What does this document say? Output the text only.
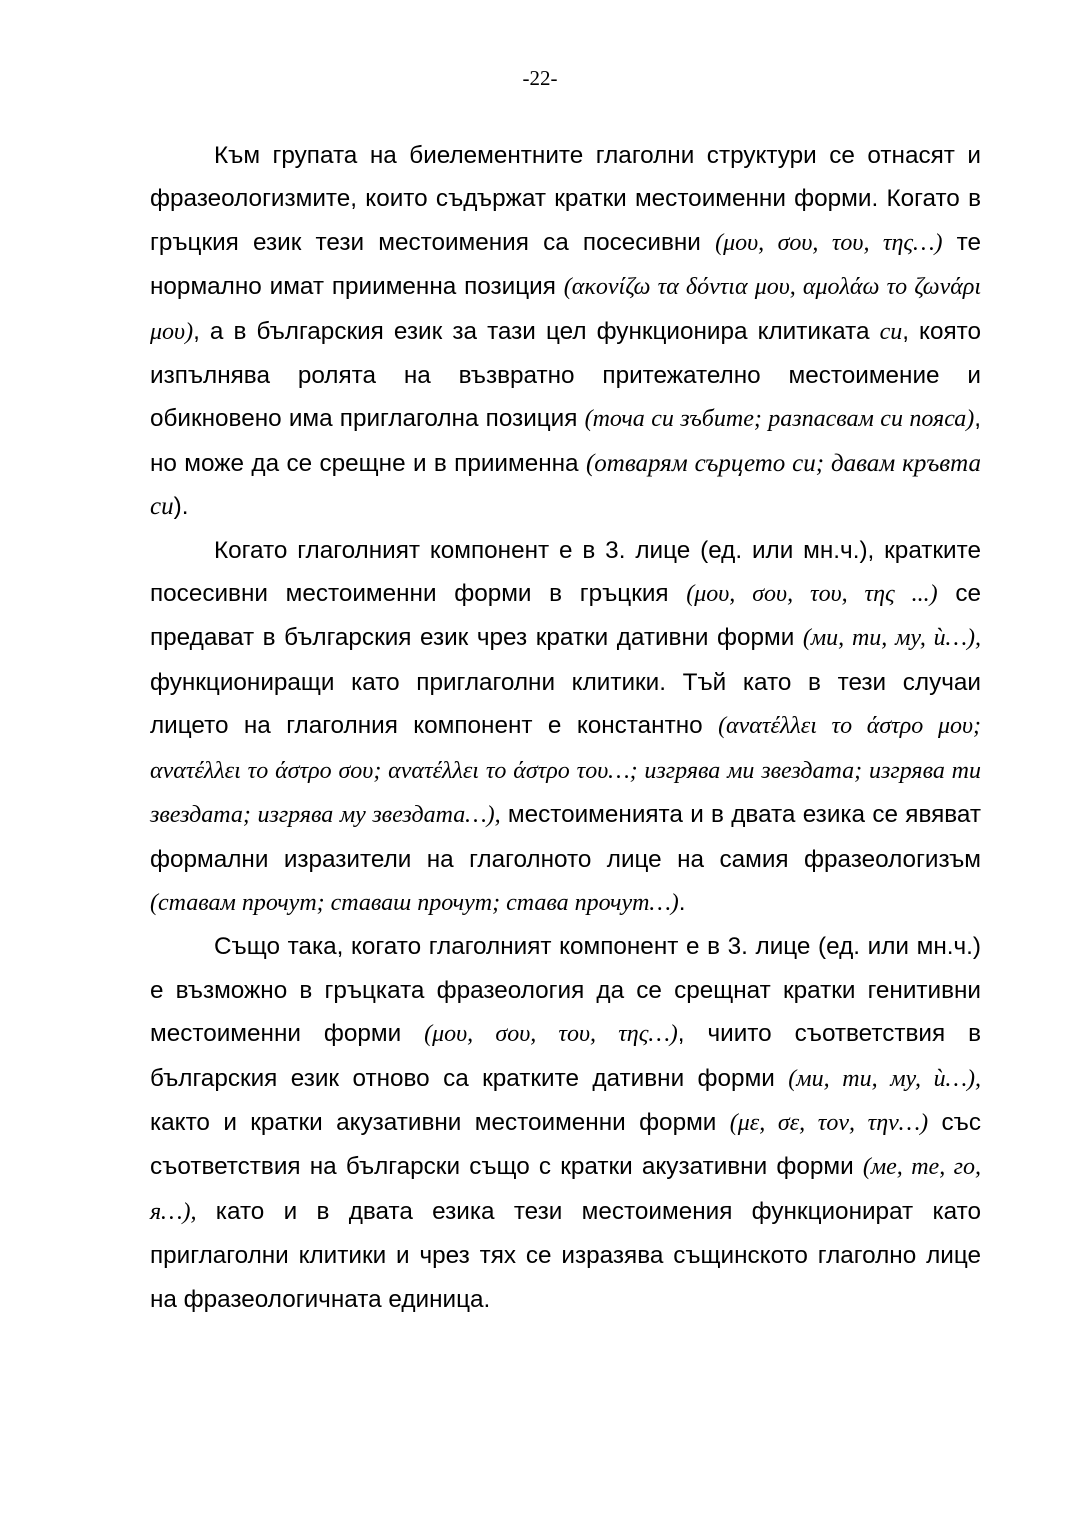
-22-

Към групата на биелементните глаголни структури се отнасят и фразеологизмите, които съдържат кратки местоименни форми. Когато в гръцкия език тези местоимения са посесивни (μου, σου, του, της…) те нормално имат приименна позиция (ακονίζω τα δόντια μου, αμολάω το ζωνάρι μου), а в българския език за тази цел функционира клитиката си, която изпълнява ролята на възвратно притежателно местоимение и обикновено има приглаголна позиция (точа си зъбите; разпасвам си пояса), но може да се срещне и в приименна (отварям сърцето си; давам кръвта си).

Когато глаголният компонент е в 3. лице (ед. или мн.ч.), кратките посесивни местоименни форми в гръцкия (μου, σου, του, της ...) се предават в българския език чрез кратки дативни форми (ми, ти, му, ѝ…), функциониращи като приглаголни клитики. Тъй като в тези случаи лицето на глаголния компонент е константно (ανατέλλει το άστρο μου; ανατέλλει το άστρο σου; ανατέλλει το άστρο του…; изгрява ми звездата; изгрява ти звездата; изгрява му звездата…), местоименията и в двата езика се явяват формални изразители на глаголното лице на самия фразеологизъм (ставам прочут; ставаш прочут; става прочут…).

Също така, когато глаголният компонент е в 3. лице (ед. или мн.ч.) е възможно в гръцката фразеология да се срещнат кратки генитивни местоименни форми (μου, σου, του, της…), чиито съответствия в българския език отново са кратките дативни форми (ми, ти, му, ѝ…), както и кратки акузативни местоименни форми (με, σε, τον, την…) със съответствия на български също с кратки акузативни форми (ме, те, го, я…), като и в двата езика тези местоимения функционират като приглаголни клитики и чрез тях се изразява същинското глаголно лице на фразеологичната единица.
